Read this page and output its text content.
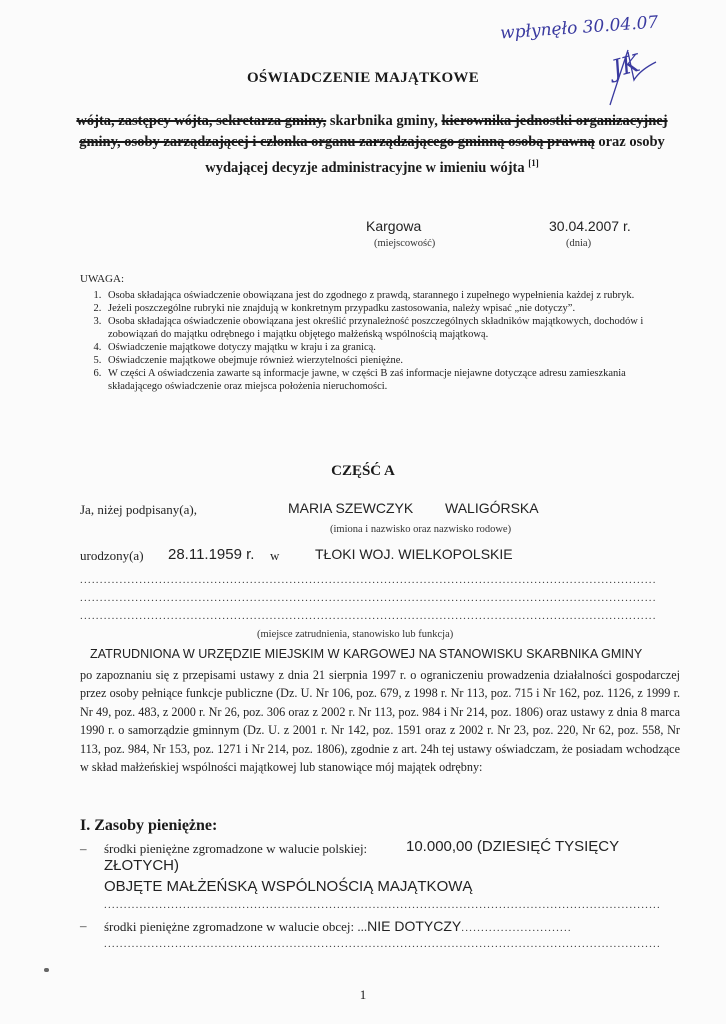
wpłynęło 30.04.07
JK
OŚWIADCZENIE MAJĄTKOWE
wójta, zastępcy wójta, sekretarza gminy, skarbnika gminy, kierownika jednostki organizacyjnej gminy, osoby zarządzającej i członka organu zarządzającego gminną osobą prawną oraz osoby wydającej decyzje administracyjne w imieniu wójta [1]
Kargowa
(miejscowość)
30.04.2007 r.
(dnia)
UWAGA:
1. Osoba składająca oświadczenie obowiązana jest do zgodnego z prawdą, starannego i zupełnego wypełnienia każdej z rubryk.
2. Jeżeli poszczególne rubryki nie znajdują w konkretnym przypadku zastosowania, należy wpisać „nie dotyczy”.
3. Osoba składająca oświadczenie obowiązana jest określić przynależność poszczególnych składników majątkowych, dochodów i zobowiązań do majątku odrębnego i majątku objętego małżeńską wspólnością majątkową.
4. Oświadczenie majątkowe dotyczy majątku w kraju i za granicą.
5. Oświadczenie majątkowe obejmuje również wierzytelności pieniężne.
6. W części A oświadczenia zawarte są informacje jawne, w części B zaś informacje niejawne dotyczące adresu zamieszkania składającego oświadczenie oraz miejsca położenia nieruchomości.
CZĘŚĆ A
Ja, niżej podpisany(a),	MARIA SZEWCZYK WALIGÓRSKA
(imiona i nazwisko oraz nazwisko rodowe)
urodzony(a) 28.11.1959 r. w	TŁOKI WOJ. WIELKOPOLSKIE
..................................................................................................................................................
..................................................................................................................................................
..................................................................................................................................................
(miejsce zatrudnienia, stanowisko lub funkcja)
ZATRUDNIONA W URZĘDZIE MIEJSKIM W KARGOWEJ NA STANOWISKU SKARBNIKA GMINY
po zapoznaniu się z przepisami ustawy z dnia 21 sierpnia 1997 r. o ograniczeniu prowadzenia działalności gospodarczej przez osoby pełniące funkcje publiczne (Dz. U. Nr 106, poz. 679, z 1998 r. Nr 113, poz. 715 i Nr 162, poz. 1126, z 1999 r. Nr 49, poz. 483, z 2000 r. Nr 26, poz. 306 oraz z 2002 r. Nr 113, poz. 984 i Nr 214, poz. 1806) oraz ustawy z dnia 8 marca 1990 r. o samorządzie gminnym (Dz. U. z 2001 r. Nr 142, poz. 1591 oraz z 2002 r. Nr 23, poz. 220, Nr 62, poz. 558, Nr 113, poz. 984, Nr 153, poz. 1271 i Nr 214, poz. 1806), zgodnie z art. 24h tej ustawy oświadczam, że posiadam wchodzące w skład małżeńskiej wspólności majątkowej lub stanowiące mój majątek odrębny:
I. Zasoby pieniężne:
– środki pieniężne zgromadzone w walucie polskiej:	10.000,00 (DZIESIĘĆ TYSIĘCY
ZŁOTYCH)
OBJĘTE MAŁŻEŃSKĄ WSPÓLNOŚCIĄ MAJĄTKOWĄ
.............................................................................................................................................
– środki pieniężne zgromadzone w walucie obcej: ...NIE DOTYCZY............................
.............................................................................................................................................
1
